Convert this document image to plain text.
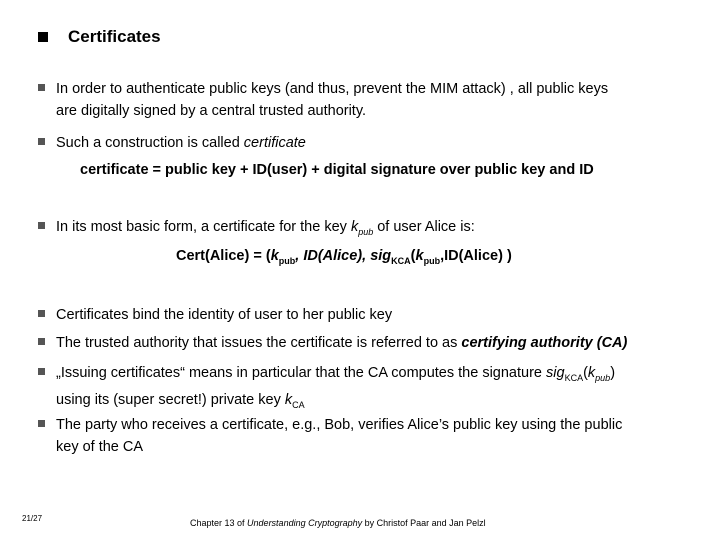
Certificates
In order to authenticate public keys (and thus, prevent the MIM attack) , all public keys
are digitally signed by a central trusted authority.
Such a construction is called certificate
certificate = public key + ID(user) + digital signature over public key and ID
In its most basic form, a certificate for the key $k_{pub}$ of user Alice is:
Cert(Alice) = ($k_{pub}$, ID(Alice), $sig_{KCA}(k_{pub},ID(Alice)$ )
Certificates bind the identity of user to her public key
The trusted authority that issues the certificate is referred to as certifying authority (CA)
„Issuing certificates“ means in particular that the CA computes the signature $sig_{KCA}(k_{pub})$
using its (super secret!) private key $k_{CA}$
The party who receives a certificate, e.g., Bob, verifies Alice’s public key using the public
key of the CA
21/27	Chapter 13 of Understanding Cryptography by Christof Paar and Jan Pelzl
